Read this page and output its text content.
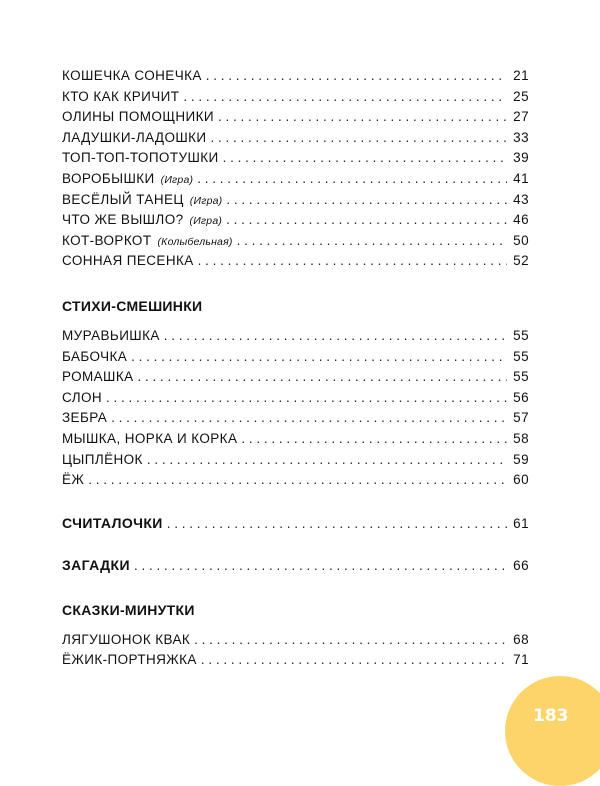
КОШЕЧКА СОНЕЧКА . . .	21
КТО КАК КРИЧИТ . . .	25
ОЛИНЫ ПОМОЩНИКИ . . .	27
ЛАДУШКИ-ЛАДОШКИ . . .	33
ТОП-ТОП-ТОПОТУШКИ . . .	39
ВОРОБЫШКИ (Игра) . . .	41
ВЕСЁЛЫЙ ТАНЕЦ (Игра) . . .	43
ЧТО ЖЕ ВЫШЛО? (Игра) . . .	46
КОТ-ВОРКОТ (Колыбельная) . . .	50
СОННАЯ ПЕСЕНКА . . .	52
СТИХИ-СМЕШИНКИ
МУРАВЬИШКА . . .	55
БАБОЧКА . . .	55
РОМАШКА . . .	55
СЛОН . . .	56
ЗЕБРА . . .	57
МЫШКА, НОРКА И КОРКА . . .	58
ЦЫПЛЁНОК . . .	59
ЁЖ . . .	60
СЧИТАЛОЧКИ . . .	61
ЗАГАДКИ . . .	66
СКАЗКИ-МИНУТКИ
ЛЯГУШОНОК КВАК . . .	68
ЁЖИК-ПОРТНЯЖКА . . .	71
183
